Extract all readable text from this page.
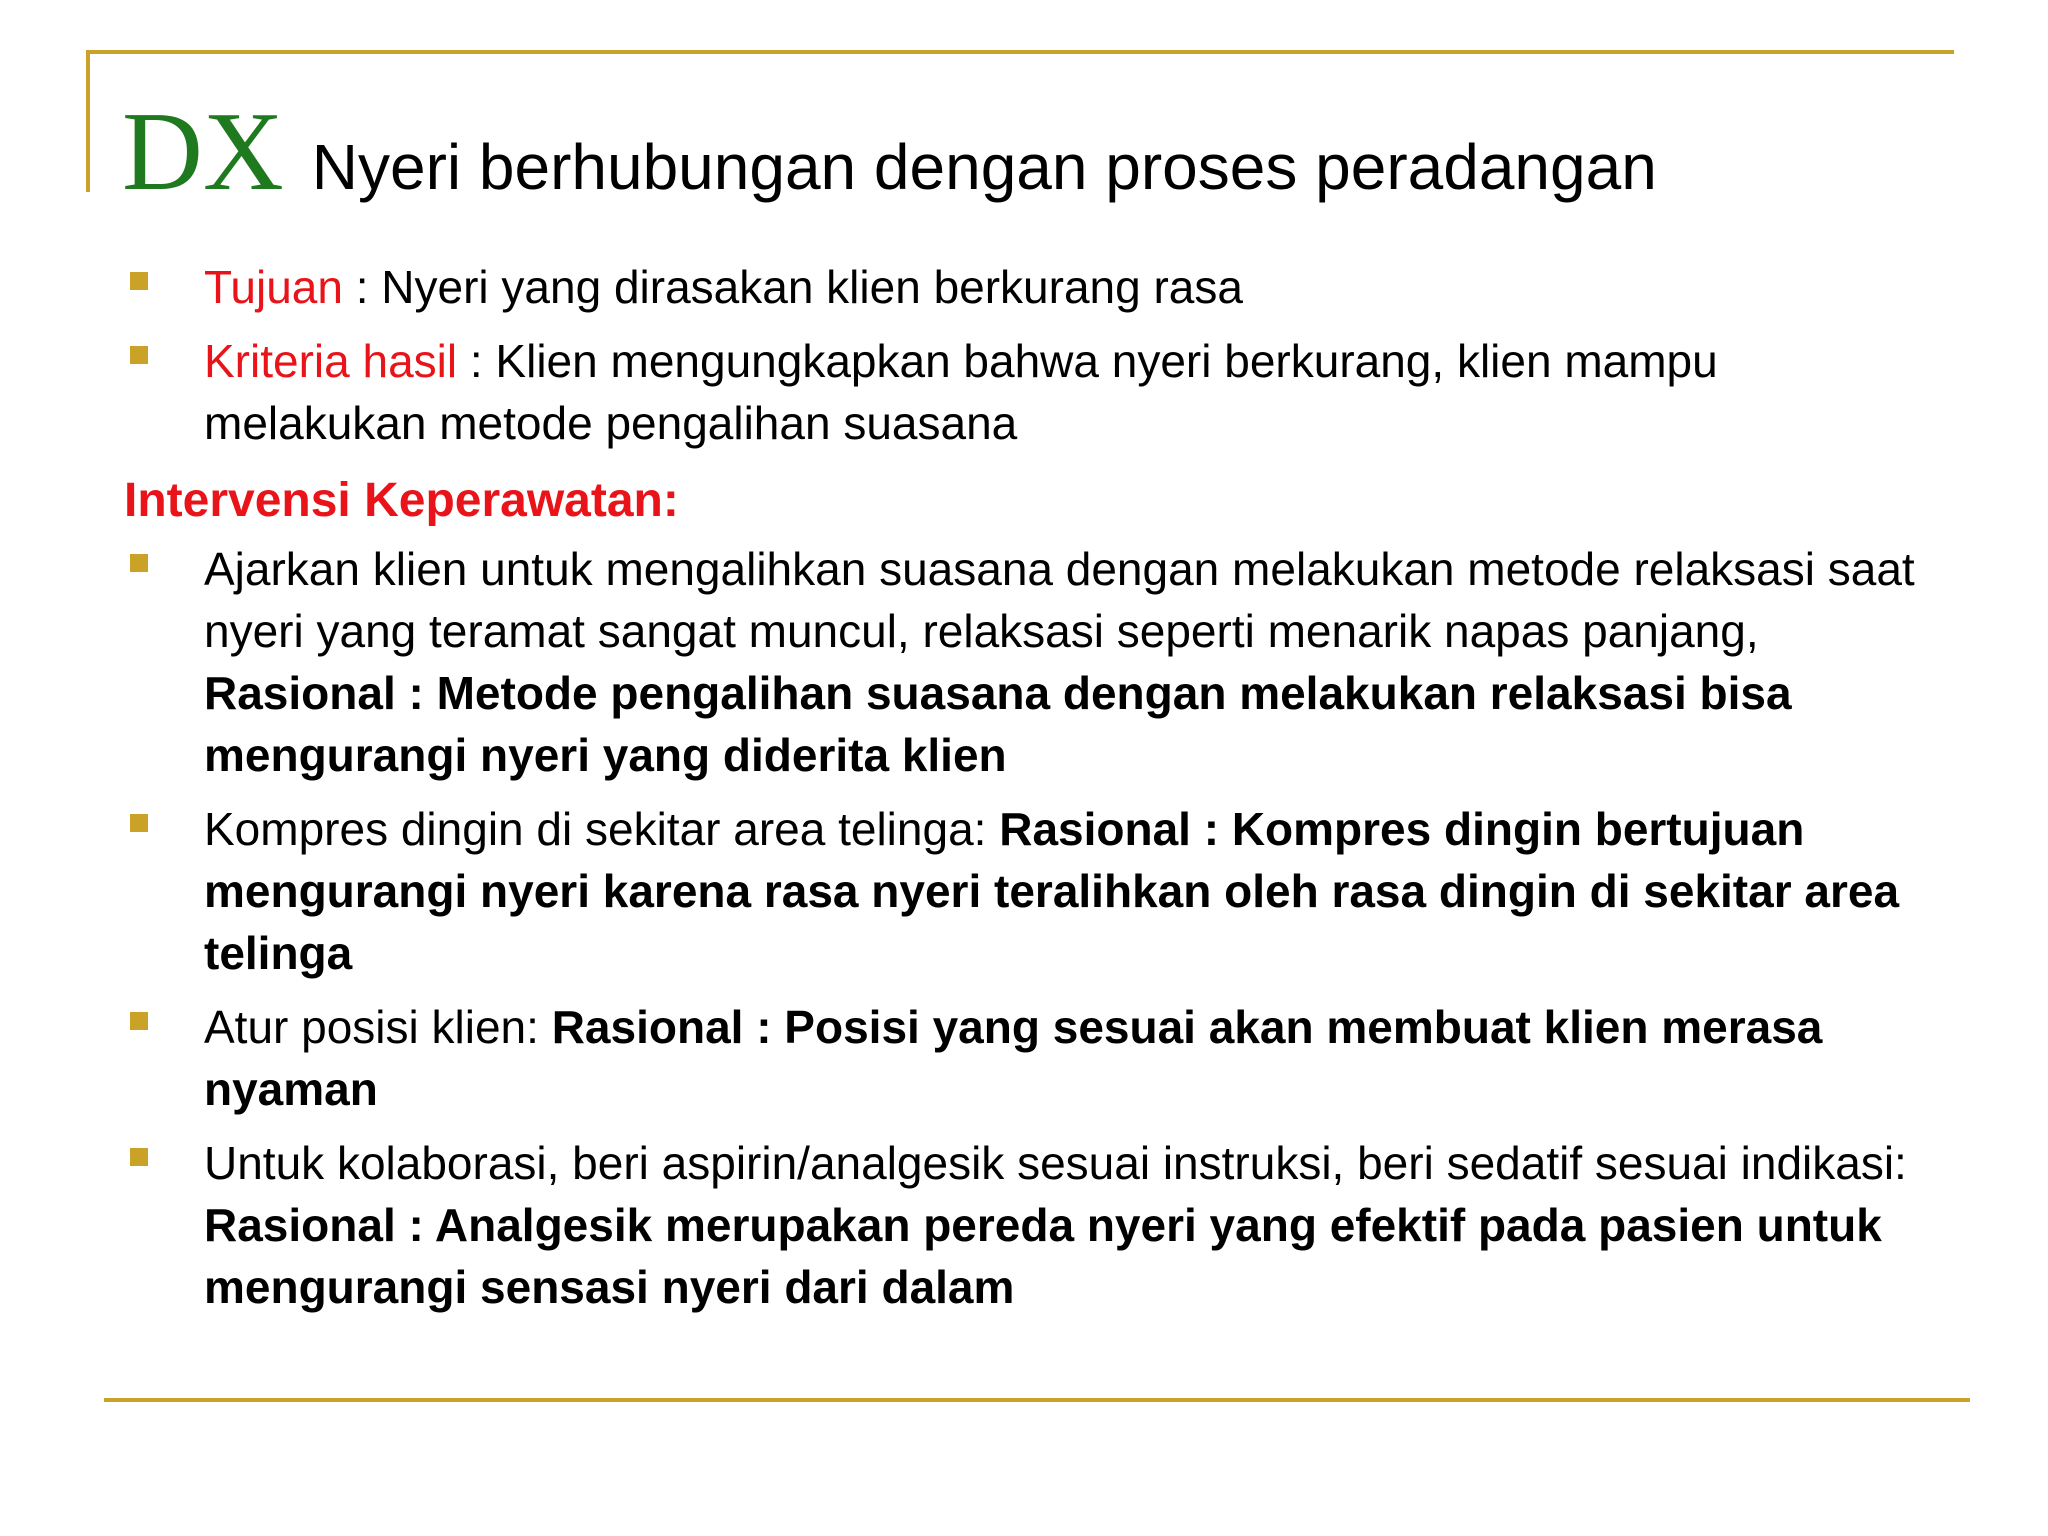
DX Nyeri berhubungan dengan proses peradangan
Tujuan : Nyeri yang dirasakan klien berkurang rasa
Kriteria hasil : Klien mengungkapkan bahwa nyeri berkurang, klien mampu melakukan metode pengalihan suasana
Intervensi Keperawatan:
Ajarkan klien untuk mengalihkan suasana dengan melakukan metode relaksasi saat nyeri yang teramat sangat muncul, relaksasi seperti menarik napas panjang, Rasional : Metode pengalihan suasana dengan melakukan relaksasi bisa mengurangi nyeri yang diderita klien
Kompres dingin di sekitar area telinga: Rasional : Kompres dingin bertujuan mengurangi nyeri karena rasa nyeri teralihkan oleh rasa dingin di sekitar area telinga
Atur posisi klien: Rasional : Posisi yang sesuai akan membuat klien merasa nyaman
Untuk kolaborasi, beri aspirin/analgesik sesuai instruksi, beri sedatif sesuai indikasi: Rasional : Analgesik merupakan pereda nyeri yang efektif pada pasien untuk mengurangi sensasi nyeri dari dalam
